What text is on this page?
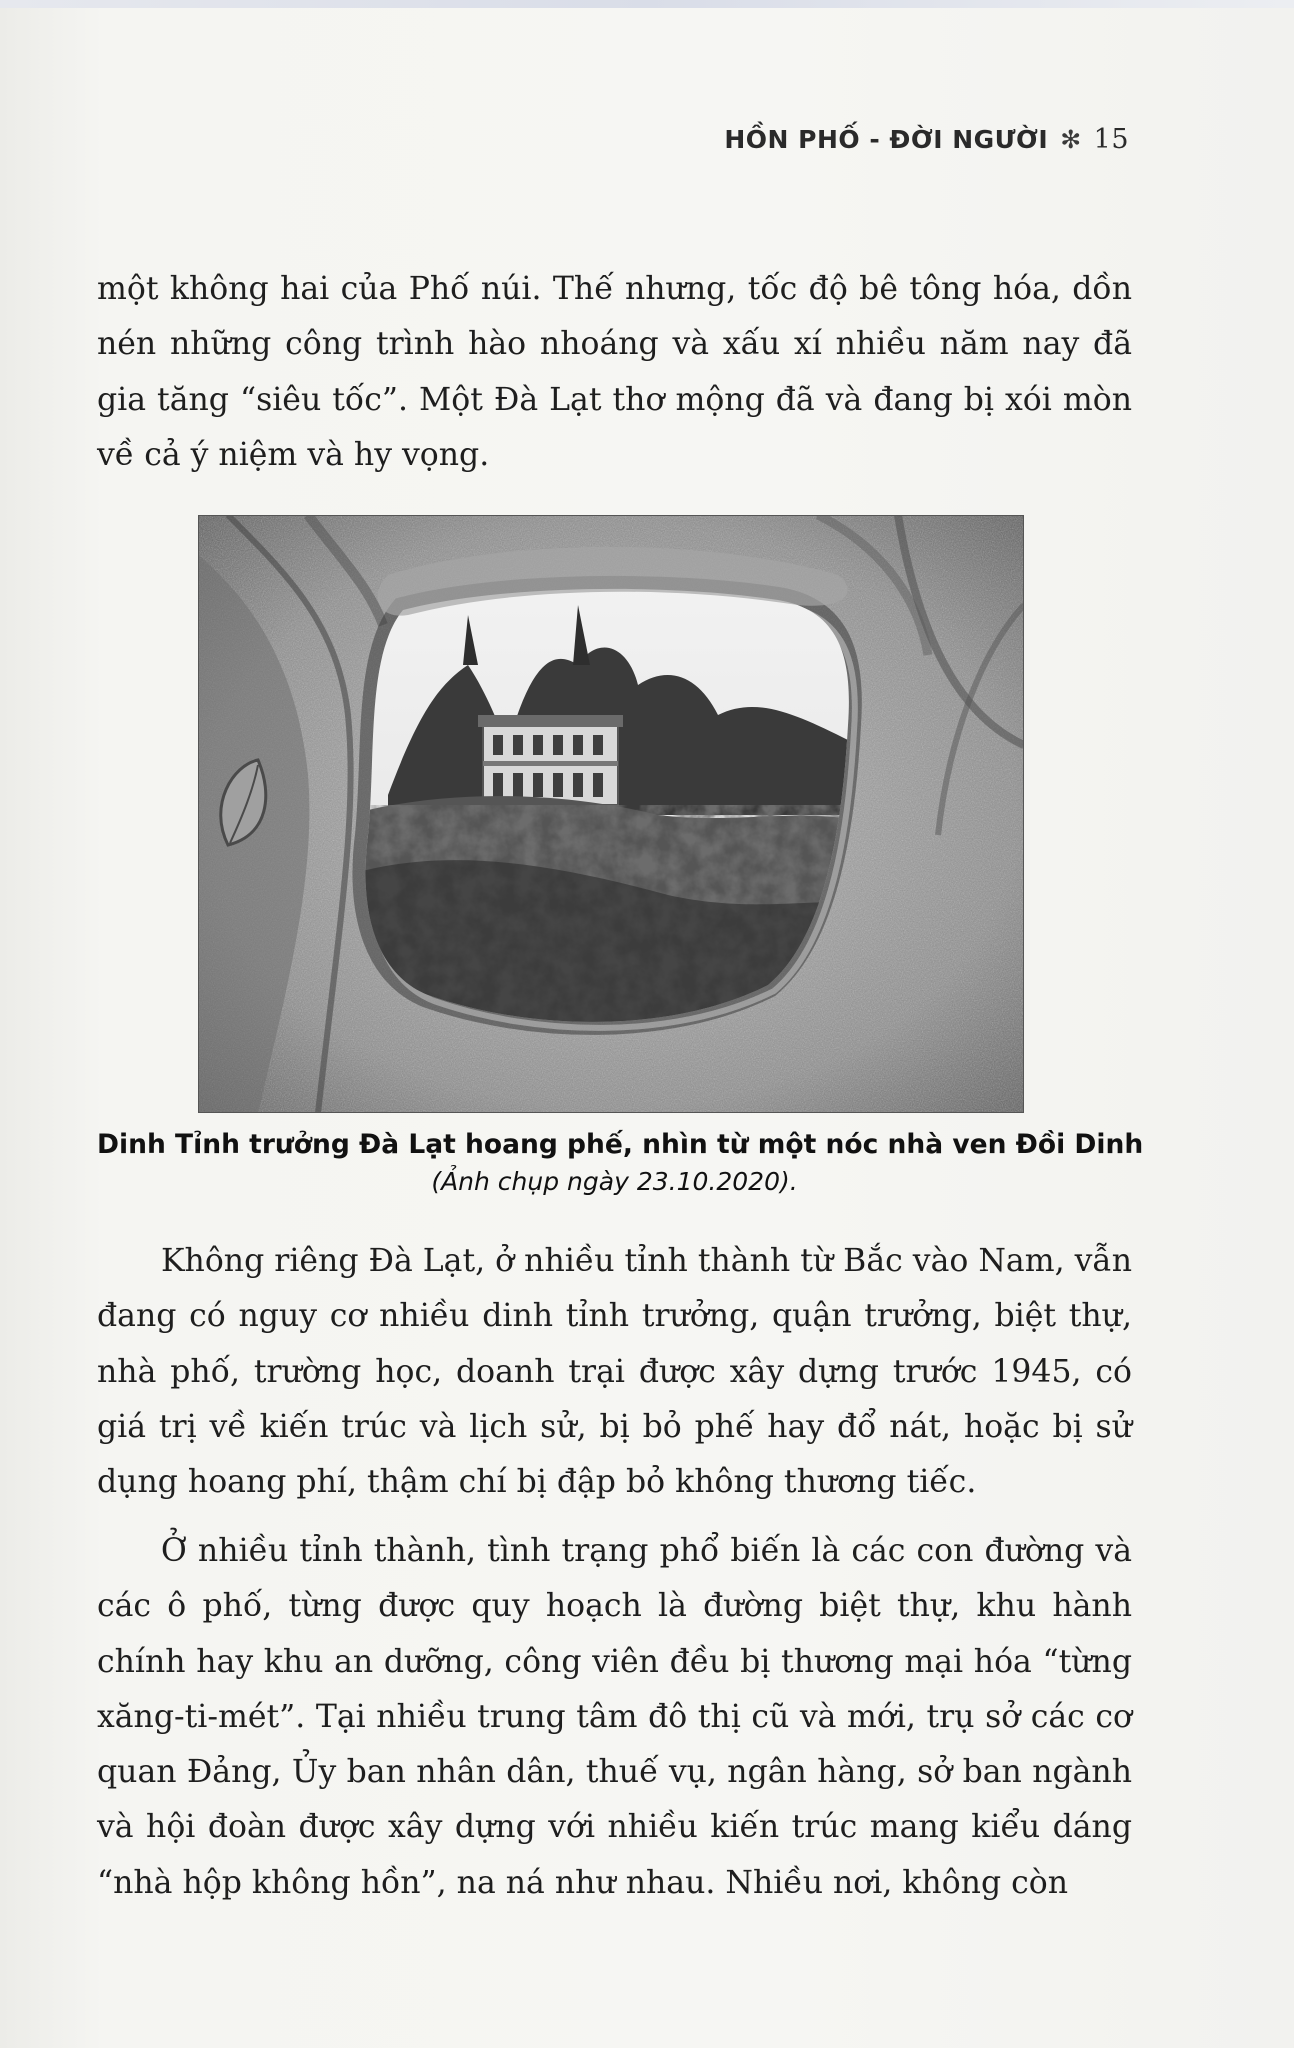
HỒN PHỐ - ĐỜI NGƯỜI ✻ 15

một không hai của Phố núi. Thế nhưng, tốc độ bê tông hóa, dồn nén những công trình hào nhoáng và xấu xí nhiều năm nay đã gia tăng “siêu tốc”. Một Đà Lạt thơ mộng đã và đang bị xói mòn về cả ý niệm và hy vọng.

Dinh Tỉnh trưởng Đà Lạt hoang phế, nhìn từ một nóc nhà ven Đồi Dinh
(Ảnh chụp ngày 23.10.2020).

Không riêng Đà Lạt, ở nhiều tỉnh thành từ Bắc vào Nam, vẫn đang có nguy cơ nhiều dinh tỉnh trưởng, quận trưởng, biệt thự, nhà phố, trường học, doanh trại được xây dựng trước 1945, có giá trị về kiến trúc và lịch sử, bị bỏ phế hay đổ nát, hoặc bị sử dụng hoang phí, thậm chí bị đập bỏ không thương tiếc.

Ở nhiều tỉnh thành, tình trạng phổ biến là các con đường và các ô phố, từng được quy hoạch là đường biệt thự, khu hành chính hay khu an dưỡng, công viên đều bị thương mại hóa “từng xăng-ti-mét”. Tại nhiều trung tâm đô thị cũ và mới, trụ sở các cơ quan Đảng, Ủy ban nhân dân, thuế vụ, ngân hàng, sở ban ngành và hội đoàn được xây dựng với nhiều kiến trúc mang kiểu dáng “nhà hộp không hồn”, na ná như nhau. Nhiều nơi, không còn
